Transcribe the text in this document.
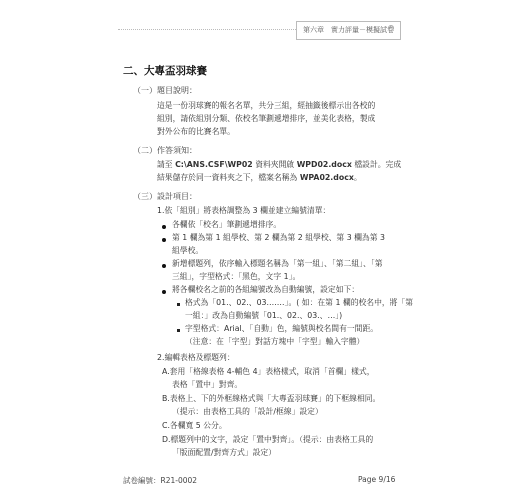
第六章　實力評量－模擬試卷
二、大專盃羽球賽
（一）題目說明：
這是一份羽球賽的報名名單，共分三組，經抽籤後標示出各校的
組別，請依組別分類、依校名筆劃遞增排序，並美化表格，製成
對外公布的比賽名單。
（二）作答須知：
請至 C:\ANS.CSF\WP02 資料夾開啟 WPD02.docx 檔設計。完成
結果儲存於同一資料夾之下，檔案名稱為 WPA02.docx。
（三）設計項目：
1.依「組別」將表格調整為 3 欄並建立編號清單：
各欄依「校名」筆劃遞增排序。
第 1 欄為第 1 組學校、第 2 欄為第 2 組學校、第 3 欄為第 3
組學校。
新增標題列，依序輸入標題名稱為「第一組」、「第二組」、「第
三組」，字型格式：「黑色，文字 1」。
將各欄校名之前的各組編號改為自動編號，設定如下：
格式為「01.、02.、03.……」。( 如：在第 1 欄的校名中，將「第
一組：」改為自動編號「01.、02.、03.、…」)
字型格式：Arial、「自動」色，編號與校名間有一間距。
（注意：在「字型」對話方塊中「字型」輸入字體）
2.編輯表格及標題列：
A.套用「格線表格 4-輔色 4」表格樣式，取消「首欄」樣式，
表格「置中」對齊。
B.表格上、下的外框線格式與「大專盃羽球賽」的下框線相同。
（提示：由表格工具的「設計/框線」設定）
C.各欄寬 5 公分。
D.標題列中的文字，設定「置中對齊」。（提示：由表格工具的
「版面配置/對齊方式」設定）
試卷編號：R21-0002	Page 9/16
